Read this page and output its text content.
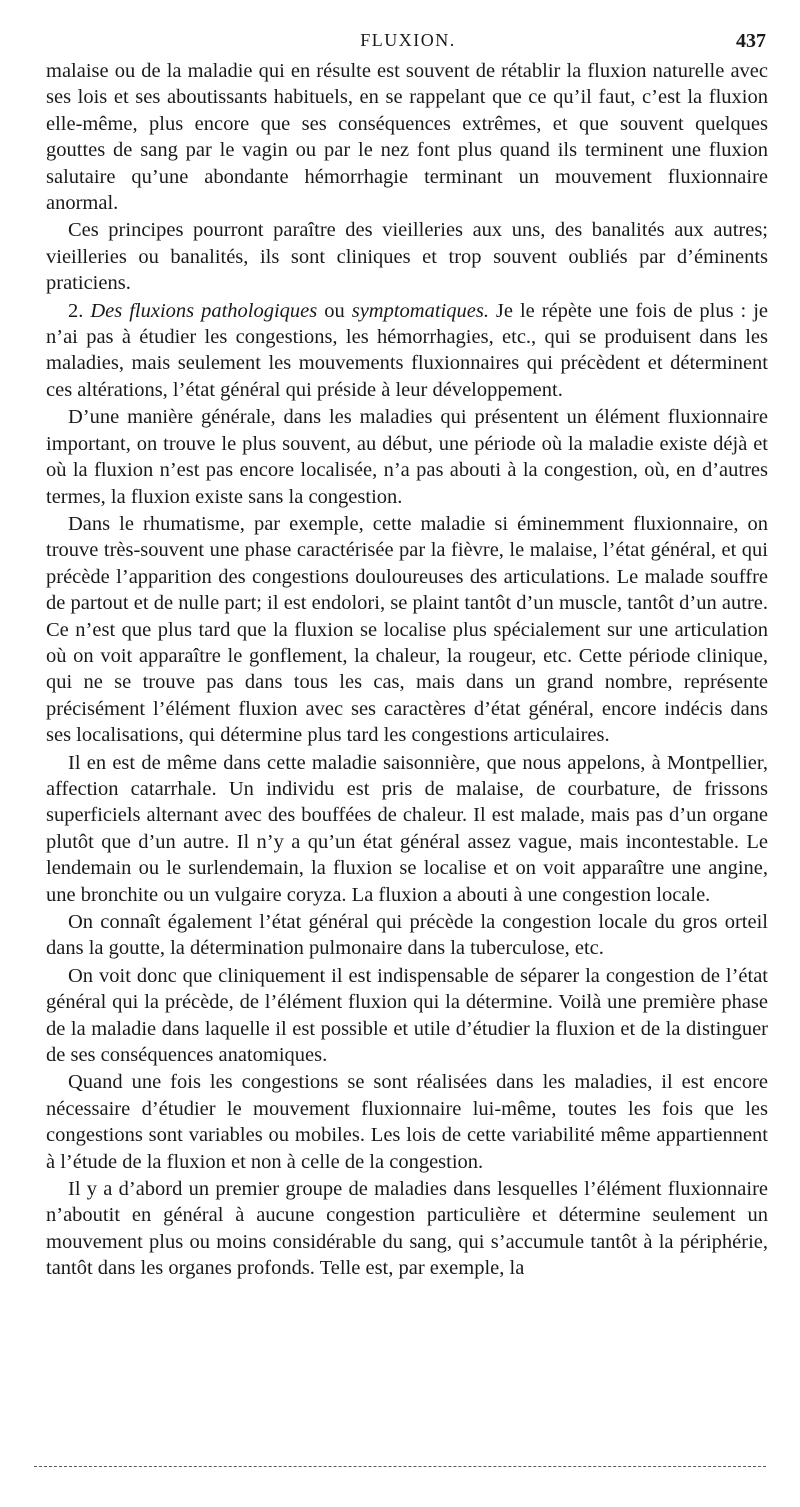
FLUXION.	437

malaise ou de la maladie qui en résulte est souvent de rétablir la fluxion naturelle avec ses lois et ses aboutissants habituels, en se rappelant que ce qu’il faut, c’est la fluxion elle-même, plus encore que ses conséquences extrêmes, et que souvent quelques gouttes de sang par le vagin ou par le nez font plus quand ils terminent une fluxion salutaire qu’une abondante hémorrhagie terminant un mouvement fluxionnaire anormal.

Ces principes pourront paraître des vieilleries aux uns, des banalités aux autres; vieilleries ou banalités, ils sont cliniques et trop souvent oubliés par d’éminents praticiens.

2. Des fluxions pathologiques ou symptomatiques. Je le répète une fois de plus : je n’ai pas à étudier les congestions, les hémorrhagies, etc., qui se produisent dans les maladies, mais seulement les mouvements fluxionnaires qui précèdent et déterminent ces altérations, l’état général qui préside à leur développement.

D’une manière générale, dans les maladies qui présentent un élément fluxionnaire important, on trouve le plus souvent, au début, une période où la maladie existe déjà et où la fluxion n’est pas encore localisée, n’a pas abouti à la congestion, où, en d’autres termes, la fluxion existe sans la congestion.

Dans le rhumatisme, par exemple, cette maladie si éminemment fluxionnaire, on trouve très-souvent une phase caractérisée par la fièvre, le malaise, l’état général, et qui précède l’apparition des congestions douloureuses des articulations. Le malade souffre de partout et de nulle part; il est endolori, se plaint tantôt d’un muscle, tantôt d’un autre. Ce n’est que plus tard que la fluxion se localise plus spécialement sur une articulation où on voit apparaître le gonflement, la chaleur, la rougeur, etc. Cette période clinique, qui ne se trouve pas dans tous les cas, mais dans un grand nombre, représente précisément l’élément fluxion avec ses caractères d’état général, encore indécis dans ses localisations, qui détermine plus tard les congestions articulaires.

Il en est de même dans cette maladie saisonnière, que nous appelons, à Montpellier, affection catarrhale. Un individu est pris de malaise, de courbature, de frissons superficiels alternant avec des bouffées de chaleur. Il est malade, mais pas d’un organe plutôt que d’un autre. Il n’y a qu’un état général assez vague, mais incontestable. Le lendemain ou le surlendemain, la fluxion se localise et on voit apparaître une angine, une bronchite ou un vulgaire coryza. La fluxion a abouti à une congestion locale.

On connaît également l’état général qui précède la congestion locale du gros orteil dans la goutte, la détermination pulmonaire dans la tuberculose, etc.

On voit donc que cliniquement il est indispensable de séparer la congestion de l’état général qui la précède, de l’élément fluxion qui la détermine. Voilà une première phase de la maladie dans laquelle il est possible et utile d’étudier la fluxion et de la distinguer de ses conséquences anatomiques.

Quand une fois les congestions se sont réalisées dans les maladies, il est encore nécessaire d’étudier le mouvement fluxionnaire lui-même, toutes les fois que les congestions sont variables ou mobiles. Les lois de cette variabilité même appartiennent à l’étude de la fluxion et non à celle de la congestion.

Il y a d’abord un premier groupe de maladies dans lesquelles l’élément fluxionnaire n’aboutit en général à aucune congestion particulière et détermine seulement un mouvement plus ou moins considérable du sang, qui s’accumule tantôt à la périphérie, tantôt dans les organes profonds. Telle est, par exemple, la
